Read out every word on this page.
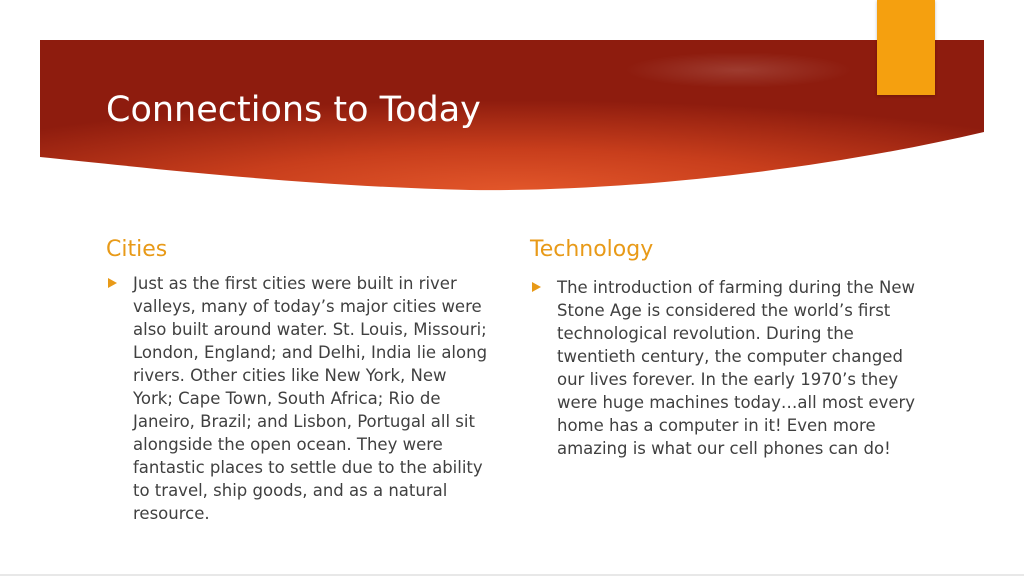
Connections to Today
Cities

Just as the first cities were built in river valleys, many of today’s major cities were also built around water. St. Louis, Missouri; London, England; and Delhi, India lie along rivers. Other cities like New York, New York; Cape Town, South Africa; Rio de Janeiro, Brazil; and Lisbon, Portugal all sit alongside the open ocean. They were fantastic places to settle due to the ability to travel, ship goods, and as a natural resource.

Technology

The introduction of farming during the New Stone Age is considered the world’s first technological revolution. During the twentieth century, the computer changed our lives forever. In the early 1970’s they were huge machines today…all most every home has a computer in it! Even more amazing is what our cell phones can do!
